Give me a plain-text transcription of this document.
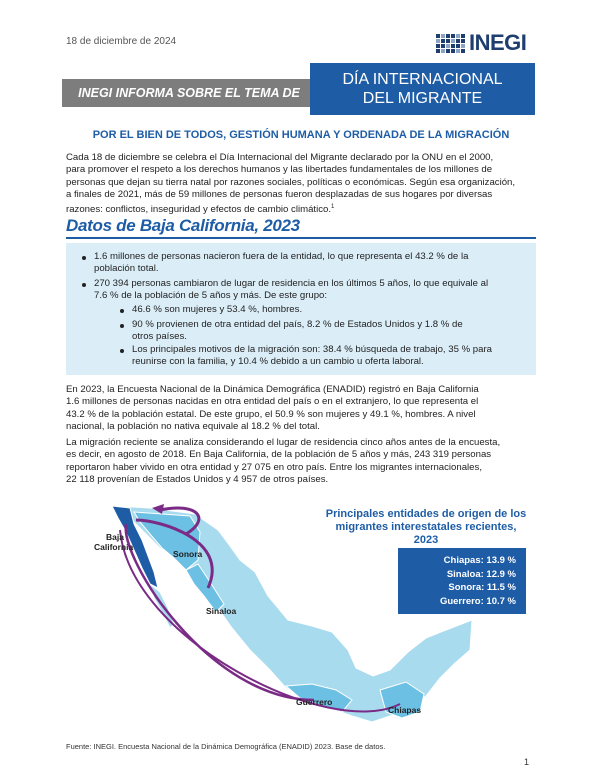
18 de diciembre de 2024	INEGI
INEGI INFORMA SOBRE EL TEMA DE HOY:
DÍA INTERNACIONAL
DEL MIGRANTE
POR EL BIEN DE TODOS, GESTIÓN HUMANA Y ORDENADA DE LA MIGRACIÓN
Cada 18 de diciembre se celebra el Día Internacional del Migrante declarado por la ONU en el 2000,
para promover el respeto a los derechos humanos y las libertades fundamentales de los millones de
personas que dejan su tierra natal por razones sociales, políticas o económicas. Según esa organización,
a finales de 2021, más de 59 millones de personas fueron desplazadas de sus hogares por diversas
razones: conflictos, inseguridad y efectos de cambio climático.$^1$
Datos de Baja California, 2023
1.6 millones de personas nacieron fuera de la entidad, lo que representa el 43.2 % de la
población total.
270 394 personas cambiaron de lugar de residencia en los últimos 5 años, lo que equivale al
7.6 % de la población de 5 años y más. De este grupo:
46.6 % son mujeres y 53.4 %, hombres.
90 % provienen de otra entidad del país, 8.2 % de Estados Unidos y 1.8 % de
otros países.
Los principales motivos de la migración son: 38.4 % búsqueda de trabajo, 35 % para
reunirse con la familia, y 10.4 % debido a un cambio u oferta laboral.
En 2023, la Encuesta Nacional de la Dinámica Demográfica (ENADID) registró en Baja California
1.6 millones de personas nacidas en otra entidad del país o en el extranjero, lo que representa el
43.2 % de la población estatal. De este grupo, el 50.9 % son mujeres y 49.1 %, hombres. A nivel
nacional, la población no nativa equivale al 18.2 % del total.
La migración reciente se analiza considerando el lugar de residencia cinco años antes de la encuesta,
es decir, en agosto de 2018. En Baja California, de la población de 5 años y más, 243 319 personas
reportaron haber vivido en otra entidad y 27 075 en otro país. Entre los migrantes internacionales,
22 118 provenían de Estados Unidos y 4 957 de otros países.
Baja
California
Sonora
Sinaloa
Guerrero
Chiapas
Principales entidades de origen de los
migrantes interestatales recientes, 2023
Chiapas: 13.9 %
Sinaloa: 12.9 %
Sonora: 11.5 %
Guerrero: 10.7 %
Fuente: INEGI. Encuesta Nacional de la Dinámica Demográfica (ENADID) 2023. Base de datos.
1
